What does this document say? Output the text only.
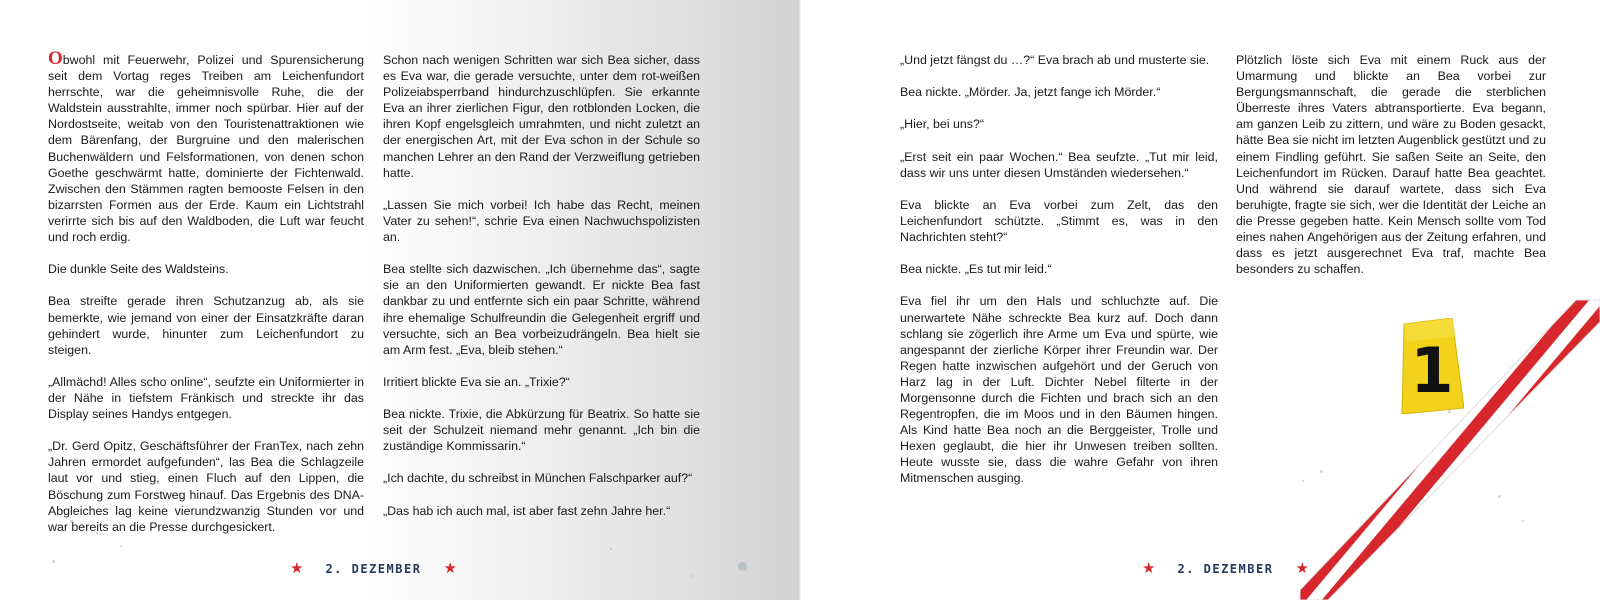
Obwohl mit Feuerwehr, Polizei und Spurensicherung seit dem Vortag reges Treiben am Leichenfundort herrschte, war die geheimnisvolle Ruhe, die der Waldstein ausstrahlte, immer noch spürbar. Hier auf der Nordostseite, weitab von den Touristenattraktionen wie dem Bärenfang, der Burgruine und den malerischen Buchenwäldern und Felsformationen, von denen schon Goethe geschwärmt hatte, dominierte der Fichtenwald. Zwischen den Stämmen ragten bemooste Felsen in den bizarrsten Formen aus der Erde. Kaum ein Lichtstrahl verirrte sich bis auf den Waldboden, die Luft war feucht und roch erdig.

Die dunkle Seite des Waldsteins.

Bea streifte gerade ihren Schutzanzug ab, als sie bemerkte, wie jemand von einer der Einsatzkräfte daran gehindert wurde, hinunter zum Leichenfundort zu steigen.

„Allmächd! Alles scho online“, seufzte ein Uniformierter in der Nähe in tiefstem Fränkisch und streckte ihr das Display seines Handys entgegen.

„Dr. Gerd Opitz, Geschäftsführer der FranTex, nach zehn Jahren ermordet aufgefunden“, las Bea die Schlagzeile laut vor und stieg, einen Fluch auf den Lippen, die Böschung zum Forstweg hinauf. Das Ergebnis des DNA-Abgleiches lag keine vierundzwanzig Stunden vor und war bereits an die Presse durchgesickert.

Schon nach wenigen Schritten war sich Bea sicher, dass es Eva war, die gerade versuchte, unter dem rot-weißen Polizeiabsperrband hindurchzuschlüpfen. Sie erkannte Eva an ihrer zierlichen Figur, den rotblonden Locken, die ihren Kopf engelsgleich umrahmten, und nicht zuletzt an der energischen Art, mit der Eva schon in der Schule so manchen Lehrer an den Rand der Verzweiflung getrieben hatte.

„Lassen Sie mich vorbei! Ich habe das Recht, meinen Vater zu sehen!“, schrie Eva einen Nachwuchspolizisten an.

Bea stellte sich dazwischen. „Ich übernehme das“, sagte sie an den Uniformierten gewandt. Er nickte Bea fast dankbar zu und entfernte sich ein paar Schritte, während ihre ehemalige Schulfreundin die Gelegenheit ergriff und versuchte, sich an Bea vorbeizudrängeln. Bea hielt sie am Arm fest. „Eva, bleib stehen.“

Irritiert blickte Eva sie an. „Trixie?“

Bea nickte. Trixie, die Abkürzung für Beatrix. So hatte sie seit der Schulzeit niemand mehr genannt. „Ich bin die zuständige Kommissarin.“

„Ich dachte, du schreibst in München Falschparker auf?“

„Das hab ich auch mal, ist aber fast zehn Jahre her.“

„Und jetzt fängst du …?“ Eva brach ab und musterte sie.

Bea nickte. „Mörder. Ja, jetzt fange ich Mörder.“

„Hier, bei uns?“

„Erst seit ein paar Wochen.“ Bea seufzte. „Tut mir leid, dass wir uns unter diesen Umständen wiedersehen.“

Eva blickte an Eva vorbei zum Zelt, das den Leichenfundort schützte. „Stimmt es, was in den Nachrichten steht?“

Bea nickte. „Es tut mir leid.“

Eva fiel ihr um den Hals und schluchzte auf. Die unerwartete Nähe schreckte Bea kurz auf. Doch dann schlang sie zögerlich ihre Arme um Eva und spürte, wie angespannt der zierliche Körper ihrer Freundin war. Der Regen hatte inzwischen aufgehört und der Geruch von Harz lag in der Luft. Dichter Nebel filterte in der Morgensonne durch die Fichten und brach sich an den Regentropfen, die im Moos und in den Bäumen hingen. Als Kind hatte Bea noch an die Berggeister, Trolle und Hexen geglaubt, die hier ihr Unwesen treiben sollten. Heute wusste sie, dass die wahre Gefahr von ihren Mitmenschen ausging.

Plötzlich löste sich Eva mit einem Ruck aus der Umarmung und blickte an Bea vorbei zur Bergungsmannschaft, die gerade die sterblichen Überreste ihres Vaters abtransportierte. Eva begann, am ganzen Leib zu zittern, und wäre zu Boden gesackt, hätte Bea sie nicht im letzten Augenblick gestützt und zu einem Findling geführt. Sie saßen Seite an Seite, den Leichenfundort im Rücken. Darauf hatte Bea geachtet. Und während sie darauf wartete, dass sich Eva beruhigte, fragte sie sich, wer die Identität der Leiche an die Presse gegeben hatte. Kein Mensch sollte vom Tod eines nahen Angehörigen aus der Zeitung erfahren, und dass es jetzt ausgerechnet Eva traf, machte Bea besonders zu schaffen.

★ 2. DEZEMBER ★	★ 2. DEZEMBER ★
1
